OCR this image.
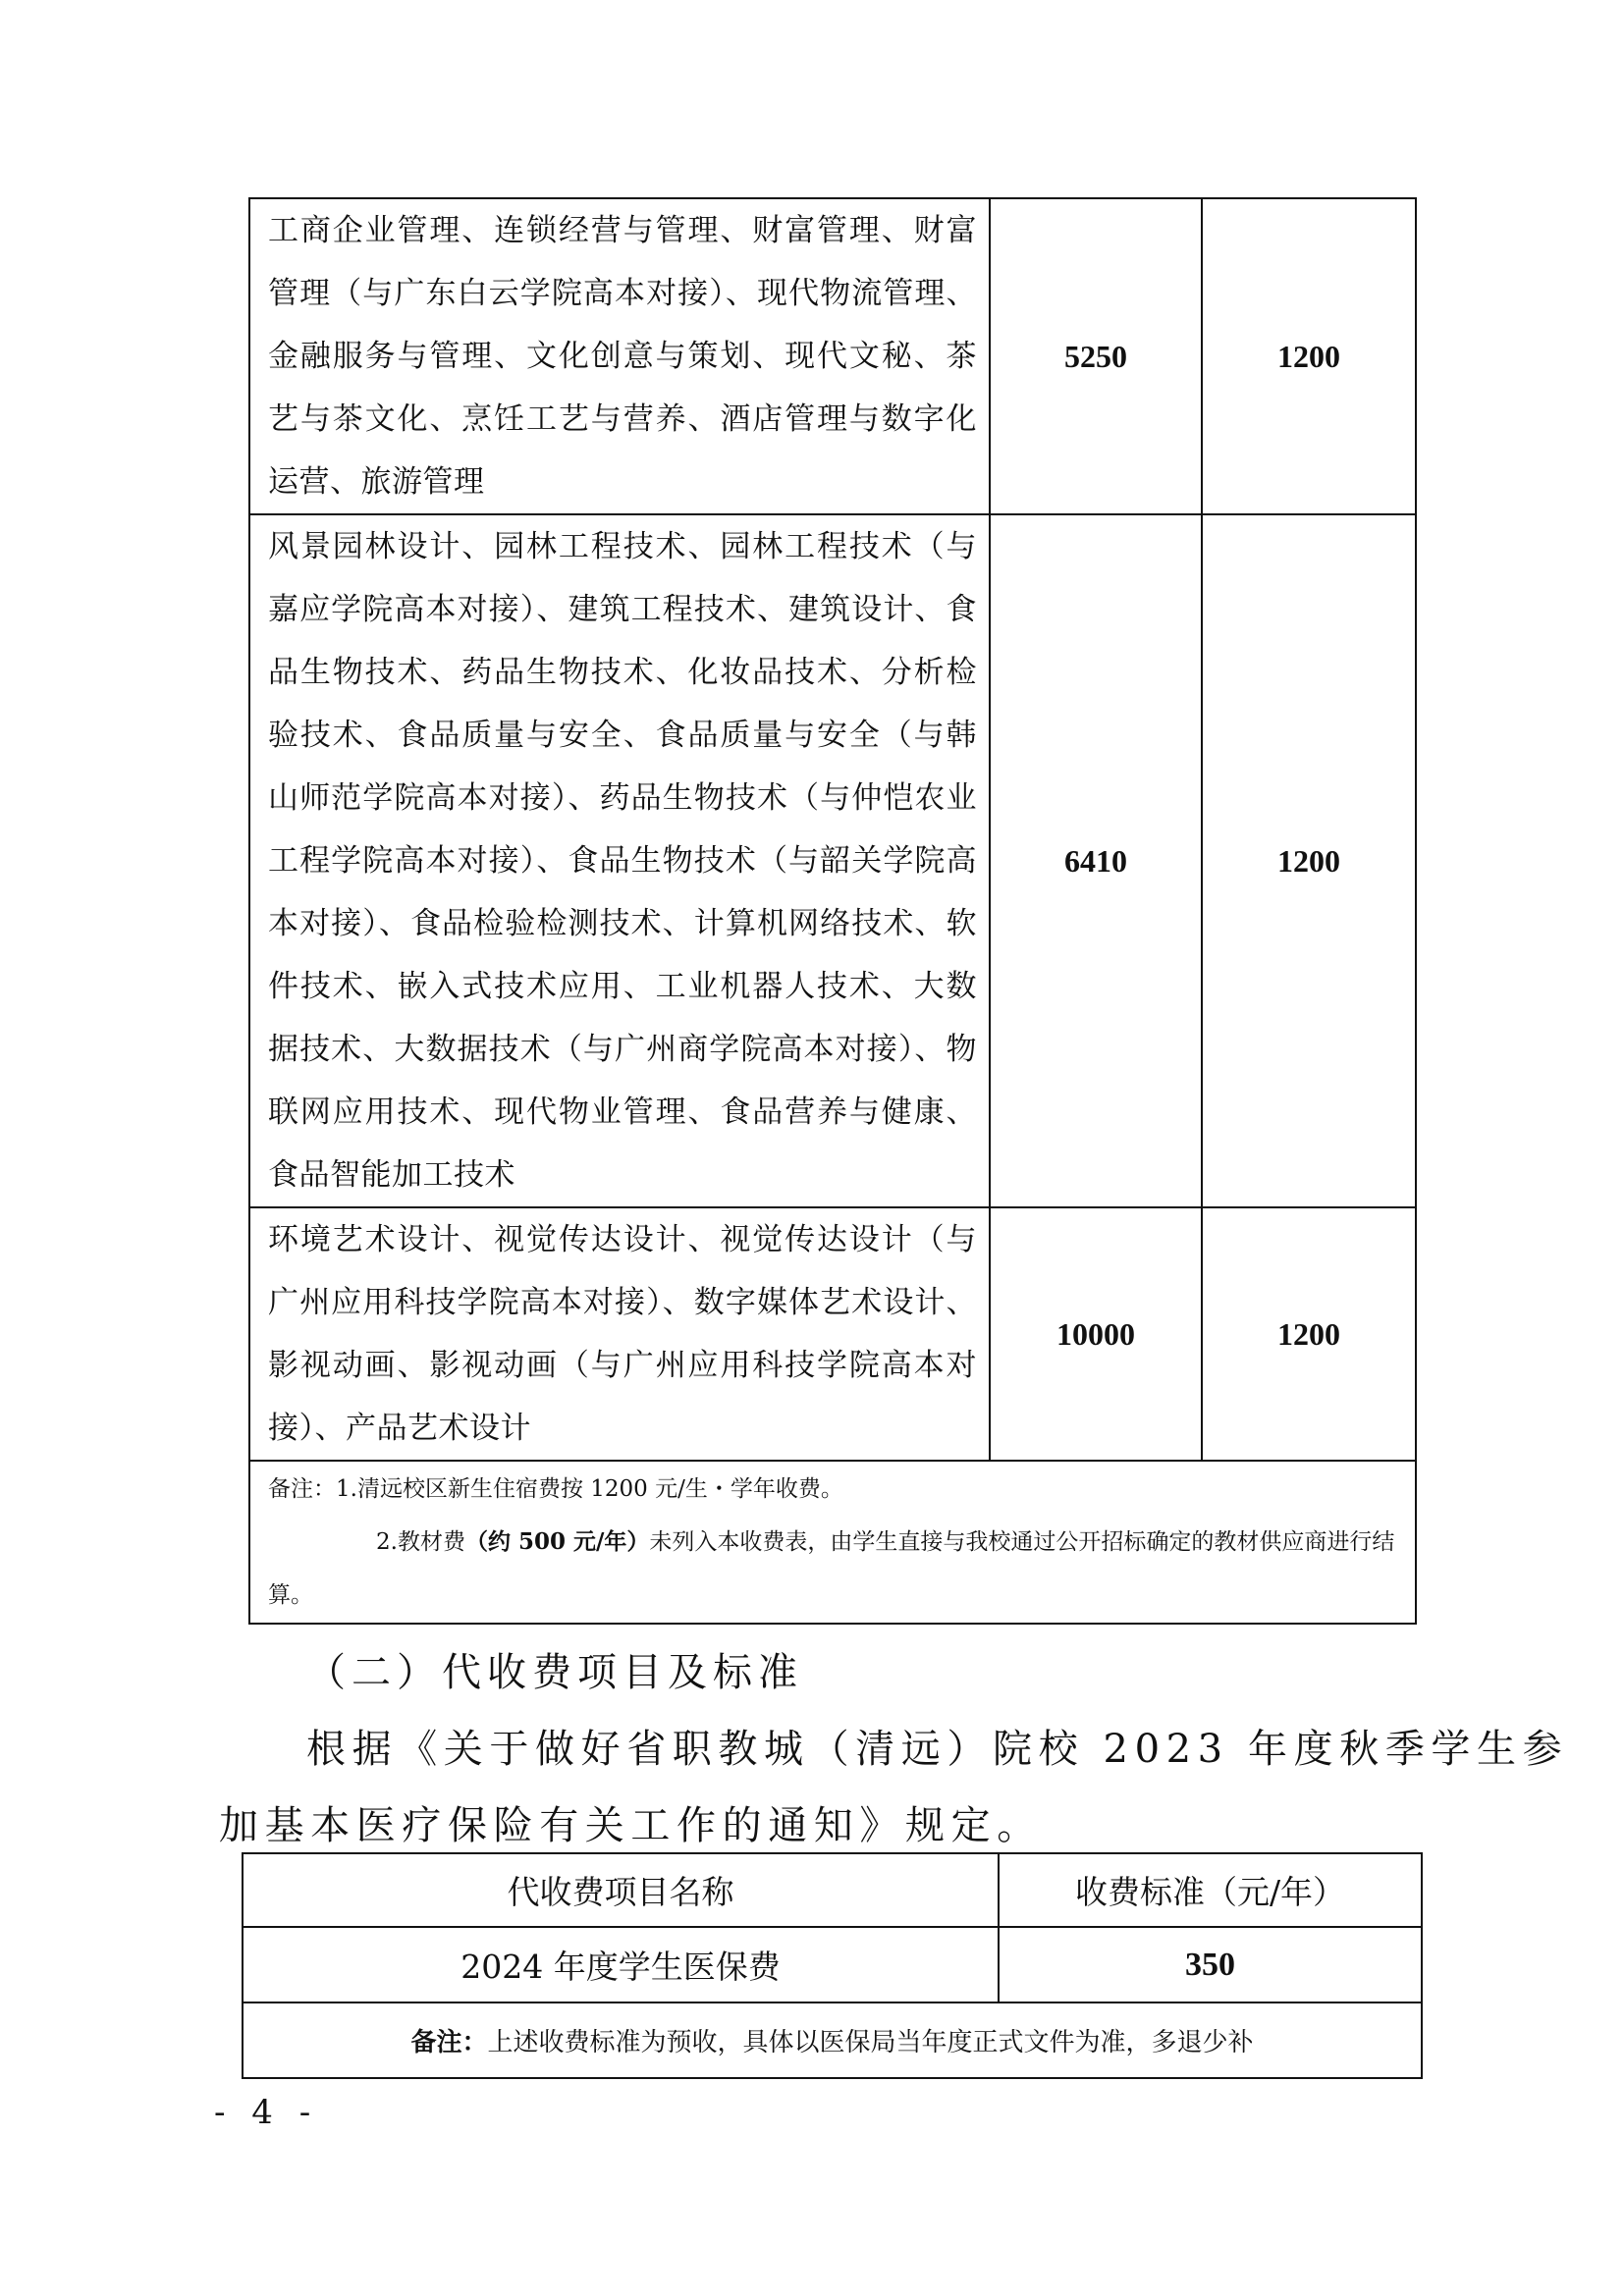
工商企业管理、连锁经营与管理、财富管理、财富管理（与广东白云学院高本对接）、现代物流管理、金融服务与管理、文化创意与策划、现代文秘、茶艺与茶文化、烹饪工艺与营养、酒店管理与数字化运营、旅游管理	5250	1200
风景园林设计、园林工程技术、园林工程技术（与嘉应学院高本对接）、建筑工程技术、建筑设计、食品生物技术、药品生物技术、化妆品技术、分析检验技术、食品质量与安全、食品质量与安全（与韩山师范学院高本对接）、药品生物技术（与仲恺农业工程学院高本对接）、食品生物技术（与韶关学院高本对接）、食品检验检测技术、计算机网络技术、软件技术、嵌入式技术应用、工业机器人技术、大数据技术、大数据技术（与广州商学院高本对接）、物联网应用技术、现代物业管理、食品营养与健康、食品智能加工技术	6410	1200
环境艺术设计、视觉传达设计、视觉传达设计（与广州应用科技学院高本对接）、数字媒体艺术设计、影视动画、影视动画（与广州应用科技学院高本对接）、产品艺术设计	10000	1200

备注：1.清远校区新生住宿费按 1200 元/生・学年收费。
2.教材费（约 500 元/年）未列入本收费表，由学生直接与我校通过公开招标确定的教材供应商进行结算。		
（二）代收费项目及标准
根据《关于做好省职教城（清远）院校 2023 年度秋季学生参
加基本医疗保险有关工作的通知》规定。
代收费项目名称	收费标准（元/年）
2024 年度学生医保费	350
备注：上述收费标准为预收，具体以医保局当年度正式文件为准，多退少补	
- 4 -
